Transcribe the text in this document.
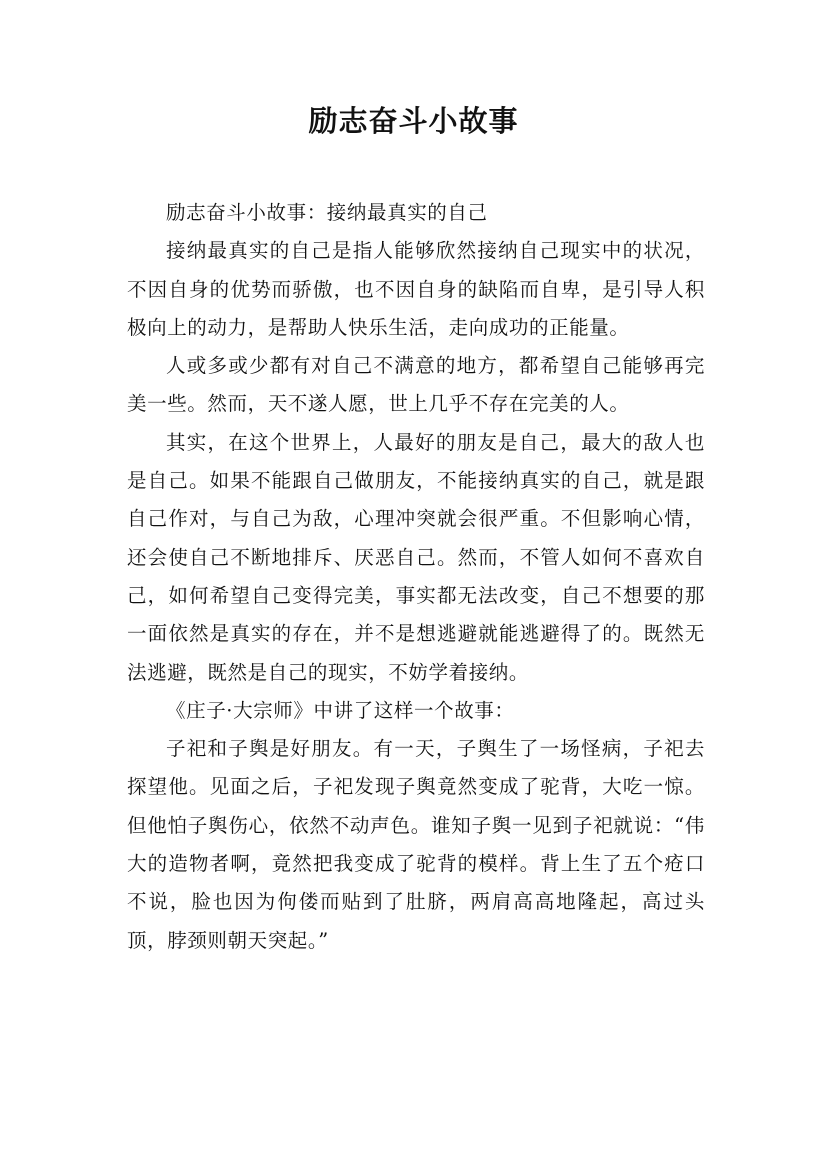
励志奋斗小故事

励志奋斗小故事：接纳最真实的自己

接纳最真实的自己是指人能够欣然接纳自己现实中的状况，不因自身的优势而骄傲，也不因自身的缺陷而自卑，是引导人积极向上的动力，是帮助人快乐生活，走向成功的正能量。

人或多或少都有对自己不满意的地方，都希望自己能够再完美一些。然而，天不遂人愿，世上几乎不存在完美的人。

其实，在这个世界上，人最好的朋友是自己，最大的敌人也是自己。如果不能跟自己做朋友，不能接纳真实的自己，就是跟自己作对，与自己为敌，心理冲突就会很严重。不但影响心情，还会使自己不断地排斥、厌恶自己。然而，不管人如何不喜欢自己，如何希望自己变得完美，事实都无法改变，自己不想要的那一面依然是真实的存在，并不是想逃避就能逃避得了的。既然无法逃避，既然是自己的现实，不妨学着接纳。

《庄子·大宗师》中讲了这样一个故事：

子祀和子舆是好朋友。有一天，子舆生了一场怪病，子祀去探望他。见面之后，子祀发现子舆竟然变成了驼背，大吃一惊。但他怕子舆伤心，依然不动声色。谁知子舆一见到子祀就说：“伟大的造物者啊，竟然把我变成了驼背的模样。背上生了五个疮口不说，脸也因为佝偻而贴到了肚脐，两肩高高地隆起，高过头顶，脖颈则朝天突起。”
